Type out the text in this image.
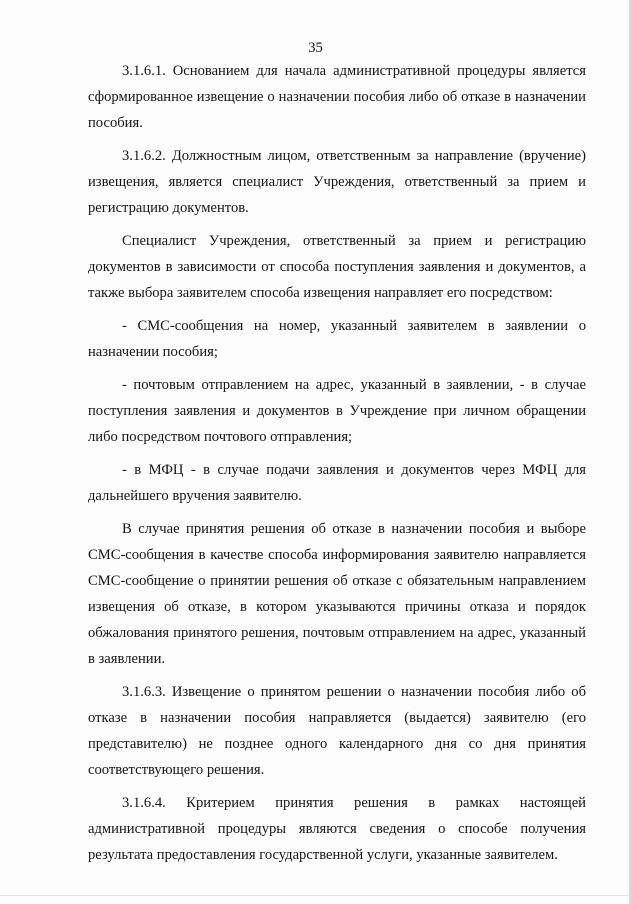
35

3.1.6.1. Основанием для начала административной процедуры является сформированное извещение о назначении пособия либо об отказе в назначении пособия.

3.1.6.2. Должностным лицом, ответственным за направление (вручение) извещения, является специалист Учреждения, ответственный за прием и регистрацию документов.

Специалист Учреждения, ответственный за прием и регистрацию документов в зависимости от способа поступления заявления и документов, а также выбора заявителем способа извещения направляет его посредством:

- СМС-сообщения на номер, указанный заявителем в заявлении о назначении пособия;

- почтовым отправлением на адрес, указанный в заявлении, - в случае поступления заявления и документов в Учреждение при личном обращении либо посредством почтового отправления;

- в МФЦ - в случае подачи заявления и документов через МФЦ для дальнейшего вручения заявителю.

В случае принятия решения об отказе в назначении пособия и выборе СМС-сообщения в качестве способа информирования заявителю направляется СМС-сообщение о принятии решения об отказе с обязательным направлением извещения об отказе, в котором указываются причины отказа и порядок обжалования принятого решения, почтовым отправлением на адрес, указанный в заявлении.

3.1.6.3. Извещение о принятом решении о назначении пособия либо об отказе в назначении пособия направляется (выдается) заявителю (его представителю) не позднее одного календарного дня со дня принятия соответствующего решения.

3.1.6.4. Критерием принятия решения в рамках настоящей административной процедуры являются сведения о способе получения результата предоставления государственной услуги, указанные заявителем.
